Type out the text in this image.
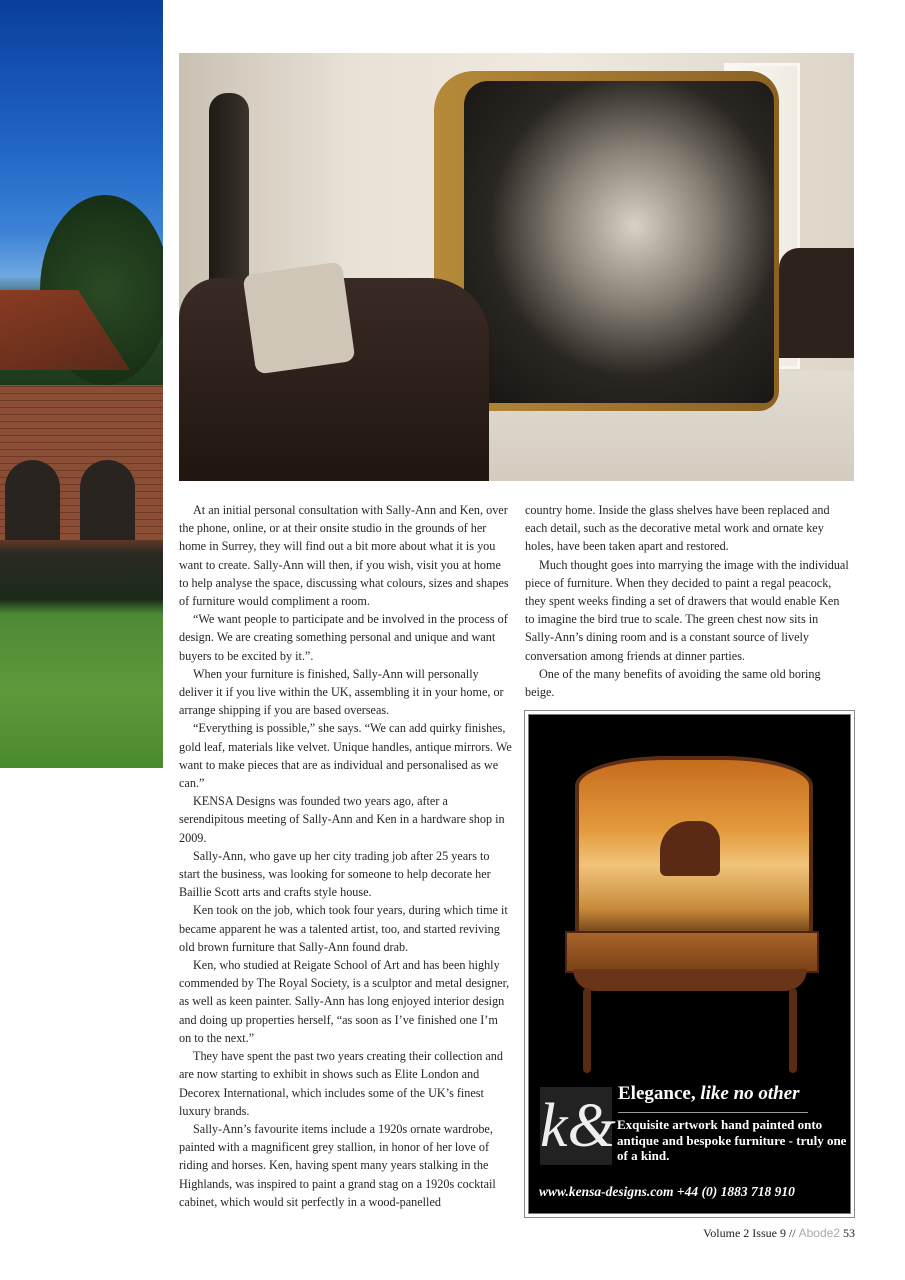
At an initial personal consultation with Sally-Ann and Ken, over the phone, online, or at their onsite studio in the grounds of her home in Surrey, they will find out a bit more about what it is you want to create. Sally-Ann will then, if you wish, visit you at home to help analyse the space, discussing what colours, sizes and shapes of furniture would compliment a room.

“We want people to participate and be involved in the process of design. We are creating something personal and unique and want buyers to be excited by it.”.

When your furniture is finished, Sally-Ann will personally deliver it if you live within the UK, assembling it in your home, or arrange shipping if you are based overseas.

“Everything is possible,” she says. “We can add quirky finishes, gold leaf, materials like velvet. Unique handles, antique mirrors. We want to make pieces that are as individual and personalised as we can.”

KENSA Designs was founded two years ago, after a serendipitous meeting of Sally-Ann and Ken in a hardware shop in 2009.

Sally-Ann, who gave up her city trading job after 25 years to start the business, was looking for someone to help decorate her Baillie Scott arts and crafts style house.

Ken took on the job, which took four years, during which time it became apparent he was a talented artist, too, and started reviving old brown furniture that Sally-Ann found drab.

Ken, who studied at Reigate School of Art and has been highly commended by The Royal Society, is a sculptor and metal designer, as well as keen painter. Sally-Ann has long enjoyed interior design and doing up properties herself, “as soon as I’ve finished one I’m on to the next.”

They have spent the past two years creating their collection and are now starting to exhibit in shows such as Elite London and Decorex International, which includes some of the UK’s finest luxury brands.

Sally-Ann’s favourite items include a 1920s ornate wardrobe, painted with a magnificent grey stallion, in honor of her love of riding and horses. Ken, having spent many years stalking in the Highlands, was inspired to paint a grand stag on a 1920s cocktail cabinet, which would sit perfectly in a wood-panelled

country home. Inside the glass shelves have been replaced and each detail, such as the decorative metal work and ornate key holes, have been taken apart and restored.

Much thought goes into marrying the image with the individual piece of furniture. When they decided to paint a regal peacock, they spent weeks finding a set of drawers that would enable Ken to imagine the bird true to scale. The green chest now sits in Sally-Ann’s dining room and is a constant source of lively conversation among friends at dinner parties.

One of the many benefits of avoiding the same old boring beige.

k& Elegance, like no other
Exquisite artwork hand painted onto antique and bespoke furniture - truly one of a kind.
www.kensa-designs.com +44 (0) 1883 718 910
Volume 2 Issue 9 // Abode2 53
